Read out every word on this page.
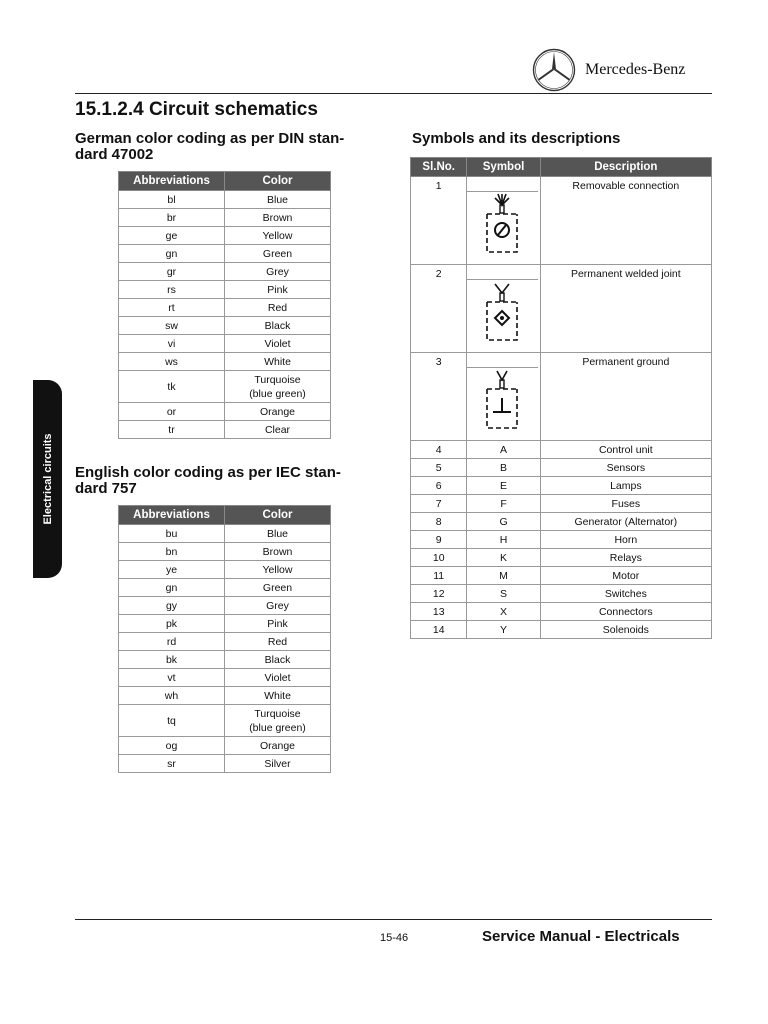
Mercedes-Benz
15.1.2.4 Circuit schematics
Electrical circuits
German color coding as per DIN stan-
dard 47002
Abbreviations	Color
bl	Blue
br	Brown
ge	Yellow
gn	Green
gr	Grey
rs	Pink
rt	Red
sw	Black
vi	Violet
ws	White
tk	Turquoise
(blue green)

or	Orange
tr	Clear
English color coding as per IEC stan-
dard 757
Abbreviations	Color
bu	Blue
bn	Brown
ye	Yellow
gn	Green
gy	Grey
pk	Pink
rd	Red
bk	Black
vt	Violet
wh	White
tq	Turquoise
(blue green)

og	Orange
sr	Silver
Symbols and its descriptions
Sl.No.	Symbol	Description
1		Removable connection
2		Permanent welded joint
3		Permanent ground
4	A	Control unit
5	B	Sensors
6	E	Lamps
7	F	Fuses
8	G	Generator (Alternator)
9	H	Horn
10	K	Relays
11	M	Motor
12	S	Switches
13	X	Connectors
14	Y	Solenoids
15-46	Service Manual - Electricals
